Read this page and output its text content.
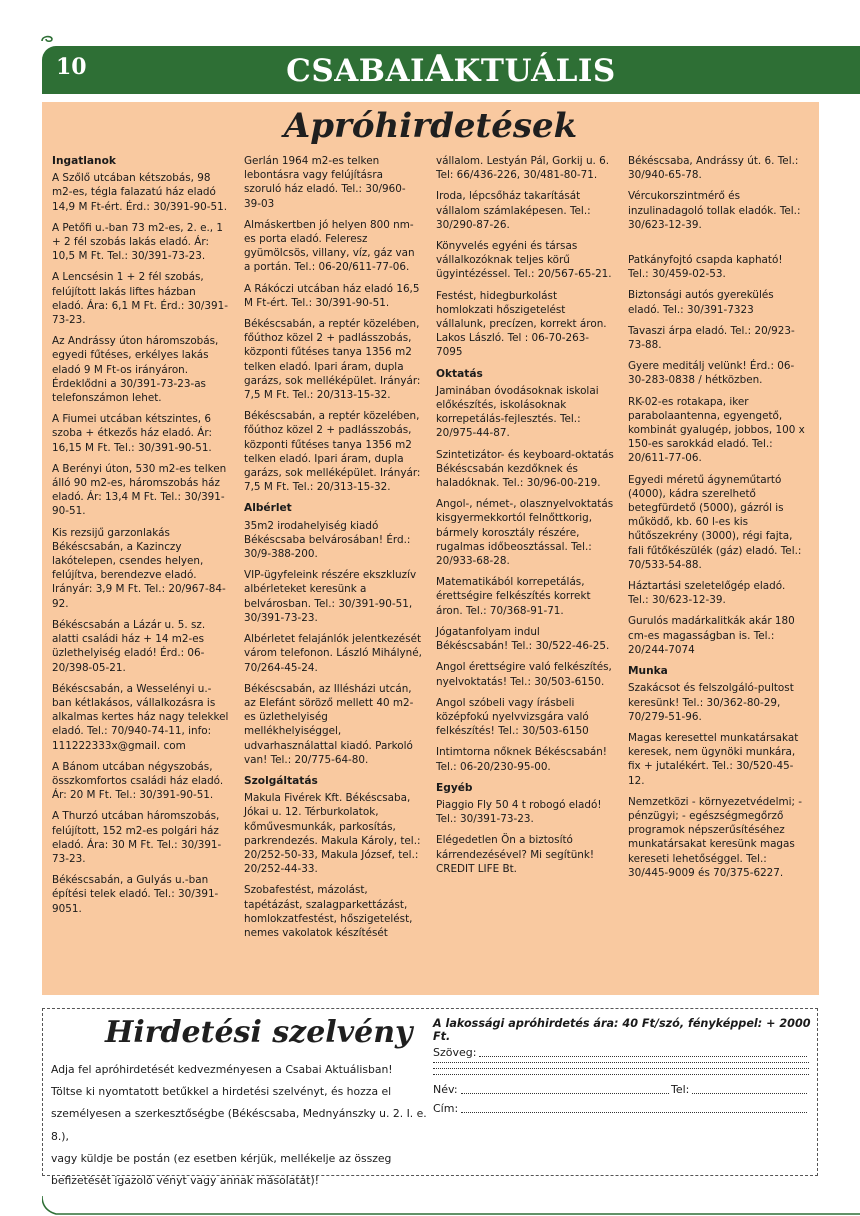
10	CSABAIAKTUÁLIS
Apróhirdetések
Ingatlanok

A Szőlő utcában kétszobás, 98 m2-es, tégla falazatú ház eladó 14,9 M Ft-ért. Érd.: 30/391-90-51.

A Petőfi u.-ban 73 m2-es, 2. e., 1 + 2 fél szobás lakás eladó. Ár: 10,5 M Ft. Tel.: 30/391-73-23.

A Lencsésin 1 + 2 fél szobás, felújított lakás liftes házban eladó. Ára: 6,1 M Ft. Érd.: 30/391-73-23.

Az Andrássy úton háromszobás, egyedi fűtéses, erkélyes lakás eladó 9 M Ft-os irányáron. Érdeklődni a 30/391-73-23-as telefonszámon lehet.

A Fiumei utcában kétszintes, 6 szoba + étkezős ház eladó. Ár: 16,15 M Ft. Tel.: 30/391-90-51.

A Berényi úton, 530 m2-es telken álló 90 m2-es, háromszobás ház eladó. Ár: 13,4 M Ft. Tel.: 30/391-90-51.

Kis rezsijű garzonlakás Békéscsabán, a Kazinczy lakótelepen, csendes helyen, felújítva, berendezve eladó. Irányár: 3,9 M Ft. Tel.: 20/967-84-92.

Békéscsabán a Lázár u. 5. sz. alatti családi ház + 14 m2-es üzlethelyiség eladó! Érd.: 06-20/398-05-21.

Békéscsabán, a Wesselényi u.-ban kétlakásos, vállalkozásra is alkalmas kertes ház nagy telekkel eladó. Tel.: 70/940-74-11, info: 111222333x@gmail. com

A Bánom utcában négyszobás, összkomfortos családi ház eladó. Ár: 20 M Ft. Tel.: 30/391-90-51.

A Thurzó utcában háromszobás, felújított, 152 m2-es polgári ház eladó. Ára: 30 M Ft. Tel.: 30/391-73-23.

Békéscsabán, a Gulyás u.-ban építési telek eladó. Tel.: 30/391-9051.

Gerlán 1964 m2-es telken lebontásra vagy felújításra szoruló ház eladó. Tel.: 30/960-39-03

Almáskertben jó helyen 800 nm-es porta eladó. Feleresz gyümölcsös, villany, víz, gáz van a portán. Tel.: 06-20/611-77-06.

A Rákóczi utcában ház eladó 16,5 M Ft-ért. Tel.: 30/391-90-51.

Békéscsabán, a reptér közelében, főúthoz közel 2 + padlásszobás, központi fűtéses tanya 1356 m2 telken eladó. Ipari áram, dupla garázs, sok melléképület. Irányár: 7,5 M Ft. Tel.: 20/313-15-32.

Békéscsabán, a reptér közelében, főúthoz közel 2 + padlásszobás, központi fűtéses tanya 1356 m2 telken eladó. Ipari áram, dupla garázs, sok melléképület. Irányár: 7,5 M Ft. Tel.: 20/313-15-32.

Albérlet

35m2 irodahelyiség kiadó Békéscsaba belvárosában! Érd.: 30/9-388-200.

VIP-ügyfeleink részére ekszkluzív albérleteket keresünk a belvárosban. Tel.: 30/391-90-51, 30/391-73-23.

Albérletet felajánlók jelentkezését várom telefonon. László Mihályné, 70/264-45-24.

Békéscsabán, az Illésházi utcán, az Elefánt söröző mellett 40 m2-es üzlethelyiség mellékhelyiséggel, udvarhasználattal kiadó. Parkoló van! Tel.: 20/775-64-80.

Szolgáltatás

Makula Fivérek Kft. Békéscsaba, Jókai u. 12. Térburkolatok, kőművesmunkák, parkosítás, parkrendezés. Makula Károly, tel.: 20/252-50-33, Makula József, tel.: 20/252-44-33.

Szobafestést, mázolást, tapétázást, szalagparkettázást, homlokzatfestést, hőszigetelést, nemes vakolatok készítését

vállalom. Lestyán Pál, Gorkij u. 6. Tel: 66/436-226, 30/481-80-71.

Iroda, lépcsőház takarítását vállalom számlaképesen. Tel.: 30/290-87-26.

Könyvelés egyéni és társas vállalkozóknak teljes körű ügyintézéssel. Tel.: 20/567-65-21.

Festést, hidegburkolást homlokzati hőszigetelést vállalunk, precízen, korrekt áron. Lakos László. Tel : 06-70-263-7095

Oktatás

Jaminában óvodásoknak iskolai előkészítés, iskolásoknak korrepetálás-fejlesztés. Tel.: 20/975-44-87.

Szintetizátor- és keyboard-oktatás Békéscsabán kezdőknek és haladóknak. Tel.: 30/96-00-219.

Angol-, német-, olasznyelvoktatás kisgyermekkortól felnőttkorig, bármely korosztály részére, rugalmas időbeosztással. Tel.: 20/933-68-28.

Matematikából korrepetálás, érettségire felkészítés korrekt áron. Tel.: 70/368-91-71.

Jógatanfolyam indul Békéscsabán! Tel.: 30/522-46-25.

Angol érettségire való felkészítés, nyelvoktatás! Tel.: 30/503-6150.

Angol szóbeli vagy írásbeli középfokú nyelvvizsgára való felkészítés! Tel.: 30/503-6150

Intimtorna nőknek Békéscsabán! Tel.: 06-20/230-95-00.

Egyéb

Piaggio Fly 50 4 t robogó eladó! Tel.: 30/391-73-23.

Elégedetlen Ön a biztosító kárrendezésével? Mi segítünk! CREDIT LIFE Bt.

Békéscsaba, Andrássy út. 6. Tel.: 30/940-65-78.

Vércukorszintmérő és inzulinadagoló tollak eladók. Tel.: 30/623-12-39.

Patkányfojtó csapda kapható! Tel.: 30/459-02-53.

Biztonsági autós gyerekülés eladó. Tel.: 30/391-7323

Tavaszi árpa eladó. Tel.: 20/923-73-88.

Gyere meditálj velünk! Érd.: 06-30-283-0838 / hétközben.

RK-02-es rotakapa, iker parabolaantenna, egyengető, kombinát gyalugép, jobbos, 100 x 150-es sarokkád eladó. Tel.: 20/611-77-06.

Egyedi méretű ágyneműtartó (4000), kádra szerelhető betegfürdető (5000), gázról is működő, kb. 60 l-es kis hűtőszekrény (3000), régi fajta, fali fűtőkészülék (gáz) eladó. Tel.: 70/533-54-88.

Háztartási szeletelőgép eladó. Tel.: 30/623-12-39.

Gurulós madárkalitkák akár 180 cm-es magasságban is. Tel.: 20/244-7074

Munka

Szakácsot és felszolgáló-pultost keresünk! Tel.: 30/362-80-29, 70/279-51-96.

Magas keresettel munkatársakat keresek, nem ügynöki munkára, fix + jutalékért. Tel.: 30/520-45-12.

Nemzetközi - környezetvédelmi; -pénzügyi; - egészségmegőrző programok népszerűsítéséhez munkatársakat keresünk magas kereseti lehetőséggel. Tel.: 30/445-9009 és 70/375-6227.

Hirdetési szelvény
Adja fel apróhirdetését kedvezményesen a Csabai Aktuálisban!
Töltse ki nyomtatott betűkkel a hirdetési szelvényt, és hozza el
személyesen a szerkesztőségbe (Békéscsaba, Mednyánszky u. 2. I. e. 8.),
vagy küldje be postán (ez esetben kérjük, mellékelje az összeg
befizetését igazoló vényt vagy annak másolatát)!
A lakossági apróhirdetés ára: 40 Ft/szó, fényképpel: + 2000 Ft.
Szöveg:
Név:	Tel:
Cím:
